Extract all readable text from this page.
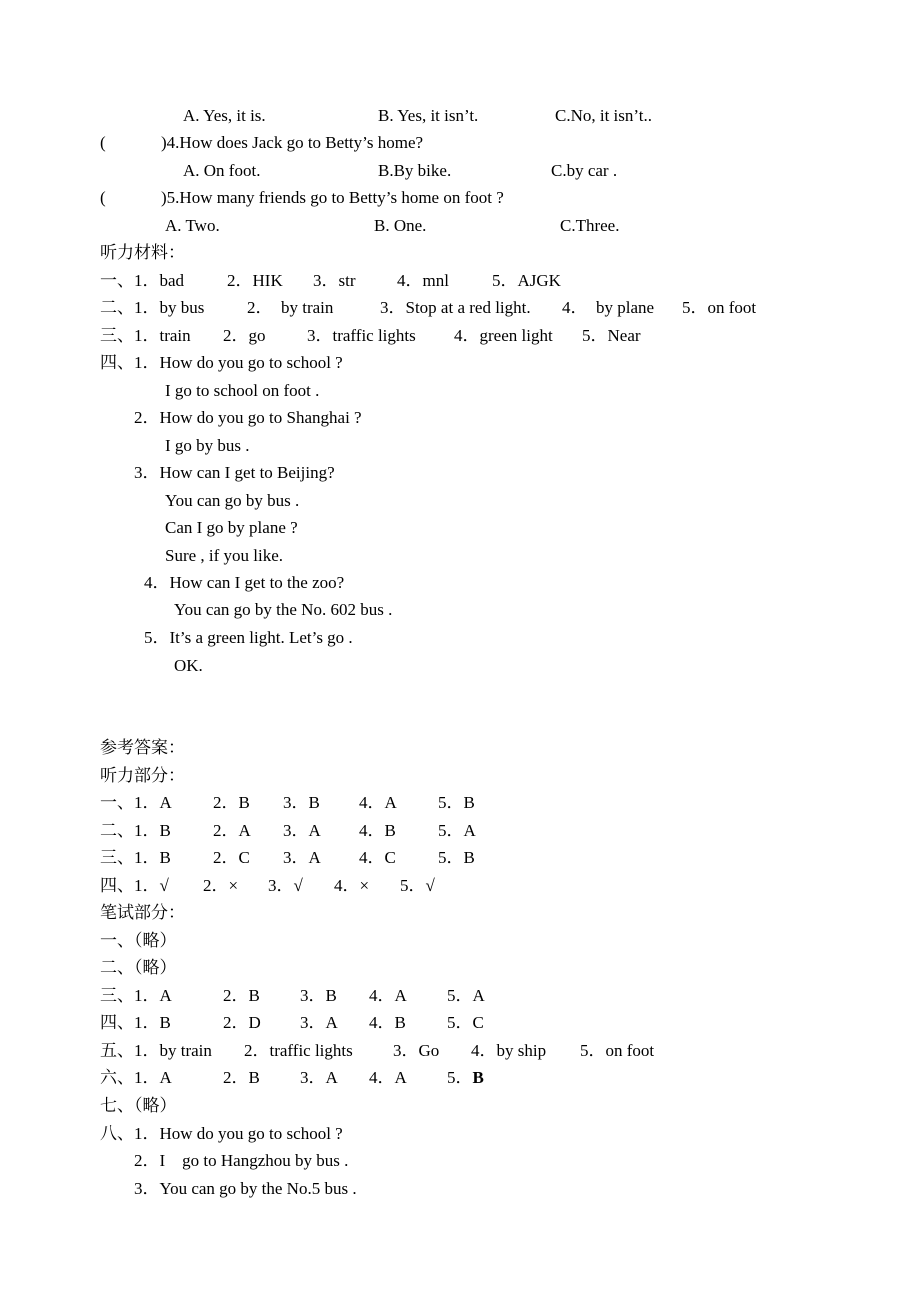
A. Yes, it is.	B. Yes, it isn’t.	C.No, it isn’t..
(	)4.How does Jack go to Betty’s home?
A. On foot.	B.By bike.	C.by car .
(	)5.How many friends go to Betty’s home on foot ?
A. Two.	B. One.	C.Three.
听力材料：
一、 1．bad	2．HIK 3．str 4．mnl	5．AJGK
二、 1．by bus	2．  by train	3．Stop at a red light. 4．  by plane 5．on foot
三、 1．train 2．go 3．traffic lights 4．green light 5．Near
四、 1．How do you go to school ?
I go to school on foot .
2．How do you go to Shanghai ?
I go by bus .
3．How can I get to Beijing?
You can go by bus .
Can I go by plane ?
Sure , if you like.
4．How can I get to the zoo?
You can go by the No. 602 bus .
5．It’s a green light. Let’s go .
OK.
参考答案：
听力部分：
一、 1．A 2．B 3．B 4．A 5．B
二、 1．B 2．A 3．A 4．B 5．A
三、 1．B 2．C 3．A 4．C 5．B
四、 1．√ 2．× 3．√ 4．× 5．√
笔试部分：
一、（略）
二、（略）
三、 1．A	2．B 3．B 4．A 5．A
四、 1．B	2．D 3．A 4．B 5．C
五、 1．by train 2．traffic lights 3．Go 4．by ship 5．on foot
六、 1．A	2．B 3．A 4．A 5．B
七、（略）
八、 1．How do you go to school ?
2．I    go to Hangzhou by bus .
3．You can go by the No.5 bus .
